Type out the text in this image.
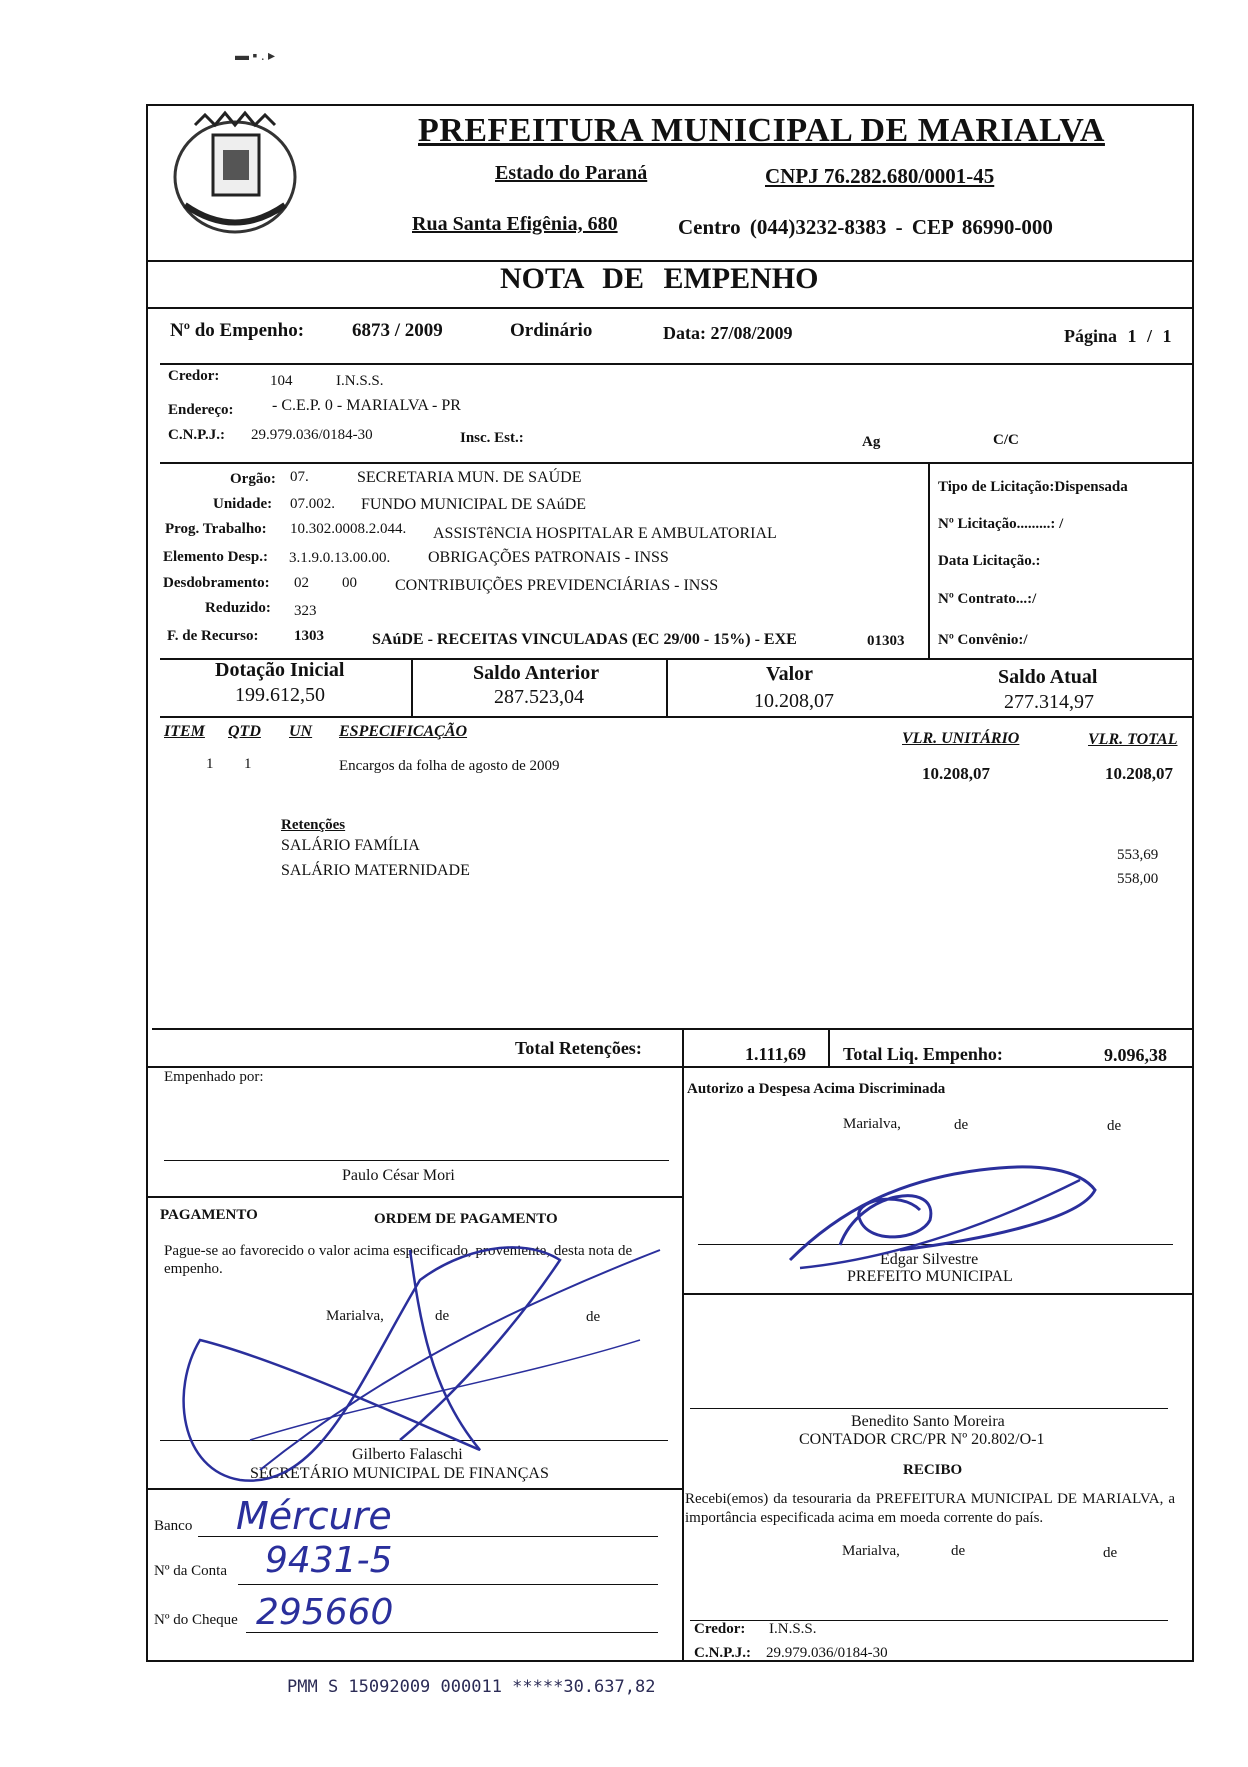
▬ ▪ . ▸
PREFEITURA MUNICIPAL DE MARIALVA
Estado do Paraná	CNPJ 76.282.680/0001-45
Rua Santa Efigênia, 680	Centro (044)3232-8383 - CEP 86990-000
NOTA DE EMPENHO
Nº do Empenho:	6873 / 2009	Ordinário	Data: 27/08/2009	Página 1 / 1
Credor:	104	I.N.S.S.
Endereço: - C.E.P. 0 - MARIALVA - PR
C.N.P.J.: 29.979.036/0184-30	Insc. Est.:	Ag	C/C
Orgão: 07.	SECRETARIA MUN. DE SAÚDE
Unidade: 07.002. FUNDO MUNICIPAL DE SAúDE
Prog. Trabalho: 10.302.0008.2.044. ASSISTêNCIA HOSPITALAR E AMBULATORIAL
Elemento Desp.: 3.1.9.0.13.00.00. OBRIGAÇÕES PATRONAIS - INSS
Desdobramento: 02 00 CONTRIBUIÇÕES PREVIDENCIÁRIAS - INSS
Reduzido: 323
F. de Recurso: 1303	SAúDE - RECEITAS VINCULADAS (EC 29/00 - 15%) - EXE	01303
Tipo de Licitação:Dispensada
Nº Licitação.........: /
Data Licitação.:
Nº Contrato...:/
Nº Convênio:/
Dotação Inicial
199.612,50
Saldo Anterior
287.523,04
Valor
10.208,07
Saldo Atual
277.314,97
ITEM QTD UN ESPECIFICAÇÃO	VLR. UNITÁRIO	VLR. TOTAL
1 1	Encargos da folha de agosto de 2009	10.208,07	10.208,07
Retenções
SALÁRIO FAMÍLIA
SALÁRIO MATERNIDADE
553,69
558,00
Total Retenções:	1.111,69 Total Liq. Empenho:	9.096,38
Empenhado por:
Paulo César Mori
Autorizo a Despesa Acima Discriminada
Marialva,	de	de
Edgar Silvestre
PREFEITO MUNICIPAL
PAGAMENTO	ORDEM DE PAGAMENTO
Pague-se ao favorecido o valor acima especificado, proveniente, desta nota de empenho.
Marialva,	de	de
Gilberto Falaschi
SECRETÁRIO MUNICIPAL DE FINANÇAS
Benedito Santo Moreira
CONTADOR CRC/PR Nº 20.802/O-1
RECIBO
Recebi(emos) da tesouraria da PREFEITURA MUNICIPAL DE MARIALVA, a importância especificada acima em moeda corrente do país.
Marialva,	de	de
Credor: I.N.S.S.
C.N.P.J.: 29.979.036/0184-30
Banco Mércure
Nº da Conta 9431-5
Nº do Cheque 295660
PMM S 15092009 000011 *****30.637,82
